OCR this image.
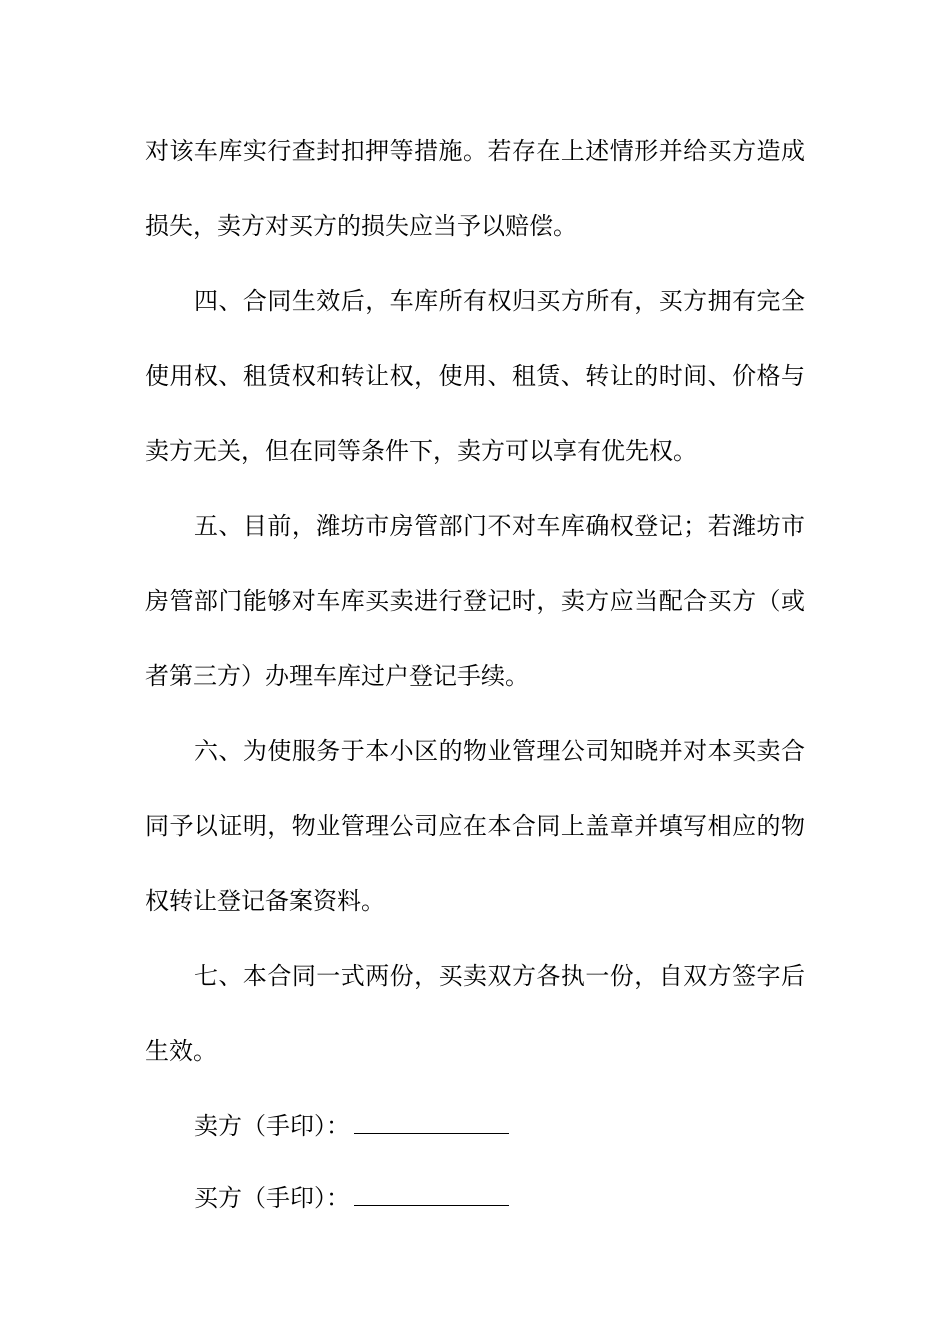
对该车库实行查封扣押等措施。若存在上述情形并给买方造成
损失，卖方对买方的损失应当予以赔偿。
四、合同生效后，车库所有权归买方所有，买方拥有完全
使用权、租赁权和转让权，使用、租赁、转让的时间、价格与
卖方无关，但在同等条件下，卖方可以享有优先权。
五、目前，潍坊市房管部门不对车库确权登记；若潍坊市
房管部门能够对车库买卖进行登记时，卖方应当配合买方（或
者第三方）办理车库过户登记手续。
六、为使服务于本小区的物业管理公司知晓并对本买卖合
同予以证明，物业管理公司应在本合同上盖章并填写相应的物
权转让登记备案资料。
七、本合同一式两份，买卖双方各执一份，自双方签字后
生效。
卖方（手印）：
买方（手印）：
